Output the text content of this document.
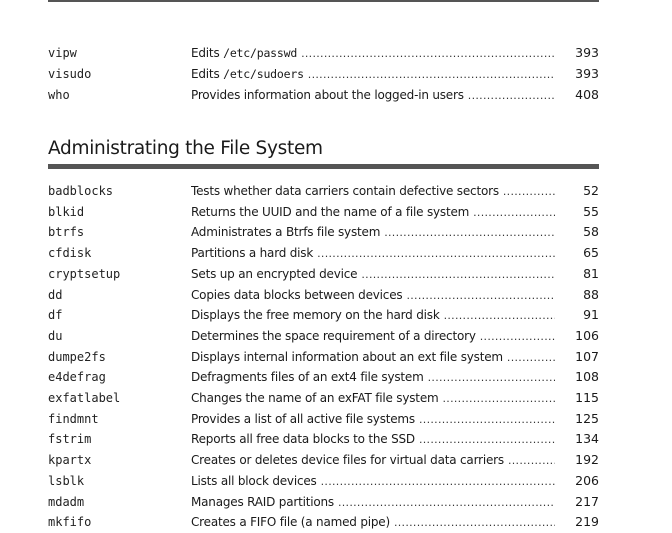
vipw	Edits /etc/passwd . . .	393
visudo	Edits /etc/sudoers . . .	393
who	Provides information about the logged-in users . . .	408
Administrating the File System
badblocks	Tests whether data carriers contain defective sectors . . .	52
blkid	Returns the UUID and the name of a file system . . .	55
btrfs	Administrates a Btrfs file system . . .	58
cfdisk	Partitions a hard disk . . .	65
cryptsetup	Sets up an encrypted device . . .	81
dd	Copies data blocks between devices . . .	88
df	Displays the free memory on the hard disk . . .	91
du	Determines the space requirement of a directory . . .	106
dumpe2fs	Displays internal information about an ext file system . . .	107
e4defrag	Defragments files of an ext4 file system . . .	108
exfatlabel	Changes the name of an exFAT file system . . .	115
findmnt	Provides a list of all active file systems . . .	125
fstrim	Reports all free data blocks to the SSD . . .	134
kpartx	Creates or deletes device files for virtual data carriers . . .	192
lsblk	Lists all block devices . . .	206
mdadm	Manages RAID partitions . . .	217
mkfifo	Creates a FIFO file (a named pipe) . . .	219
